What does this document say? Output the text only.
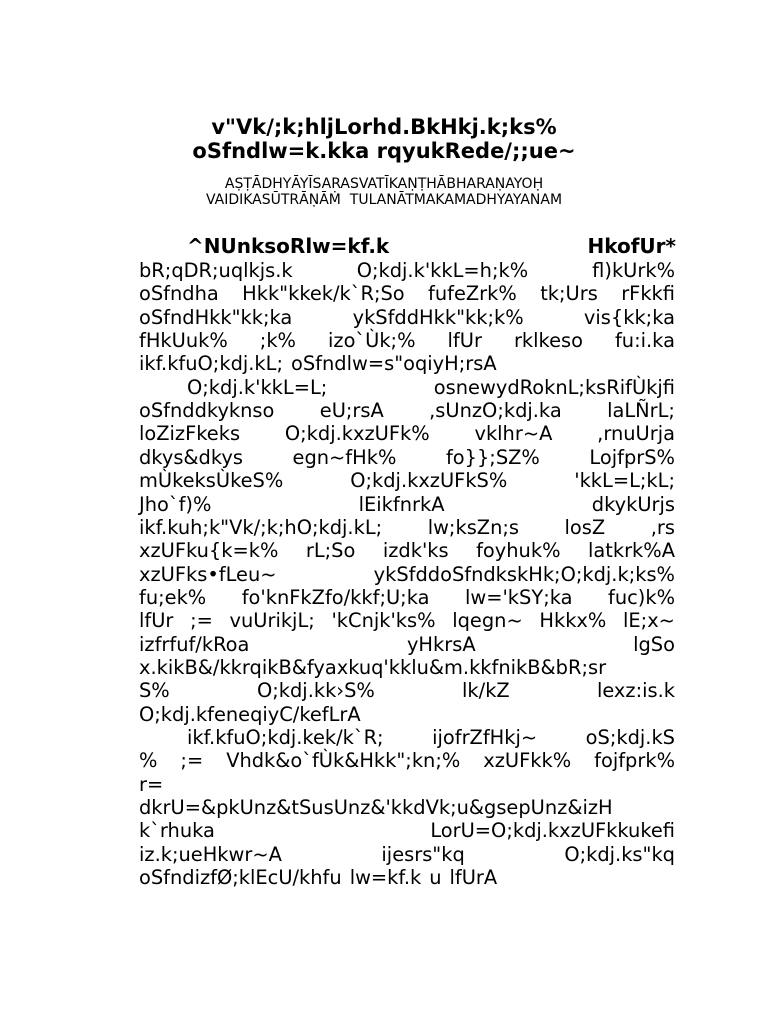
v"Vk/;k;hljLorhd.BkHkj.k;ks%
oSfndlw=k.kka rqyukRede/;;ue~
AṢṬĀDHYĀYĪSARASVATĪKAṆṬHĀBHARAṆAYOḤ
VAIDIKASŪTRĀṆĀṀ  TULANĀTMAKAMADHYAYANAM
^NUnksoRlw=kf.k	HkofUr*
bR;qDR;uqlkjs.k	O;kdj.k'kkL=h;k%	fl)kUrk%
oSfndha Hkk"kkek/k`R;So fufeZrk% tk;Urs rFkkfi
oSfndHkk"kk;ka	ykSfddHkk"kk;k%	vis{kk;ka
fHkUuk% ;k% izo`Ùk;% lfUr rklkeso fu:i.ka
ikf.kfuO;kdj.kL; oSfndlw=s"oqiyH;rsA
O;kdj.k'kkL=L;	osnewydRoknL;ksRifÙkjfi
oSfnddkyknso eU;rsA ,sUnzO;kdj.ka laLÑrL;
loZizFkeks O;kdj.kxzUFk% vklhr~A ,rnuUrja
dkys&dkys	egn~fHk%	fo}};SZ%	LojfprS%
mÙkeksÙkeS%	O;kdj.kxzUFkS%	'kkL=L;kL;
Jho`f)%	lEikfnrkA	dkykUrjs
ikf.kuh;k"Vk/;k;hO;kdj.kL; lw;ksZn;s losZ ,rs
xzUFku{k=k% rL;So izdk'ks foyhuk% latkrk%A
xzUFks•fLeu~	ykSfddoSfndkskHk;O;kdj.k;ks%
fu;ek% fo'knFkZfo/kkf;U;ka lw='kSY;ka fuc)k%
lfUr ;= vuUrikjL; 'kCnjk'ks% lqegn~ Hkkx% lE;x~
izfrfuf/kRoa	yHkrsA	lgSo
x.kikB&/kkrqikB&fyaxkuq'kklu&m.kkfnikB&bR;sr
S%	O;kdj.kk›S%	lk/kZ	lexz:is.k
O;kdj.kfeneqiyC/kefLrA
ikf.kfuO;kdj.kek/k`R;	ijofrZfHkj~	oS;kdj.kS
% ;= Vhdk&o`fÙk&Hkk";kn;% xzUFkk% fojfprk%
r=
dkrU=&pkUnz&tSusUnz&'kkdVk;u&gsepUnz&izH
k`rhuka	LorU=O;kdj.kxzUFkkukefi
iz.k;ueHkwr~A	ijesrs"kq	O;kdj.ks"kq
oSfndizfØ;klEcU/khfu lw=kf.k u lfUrA
